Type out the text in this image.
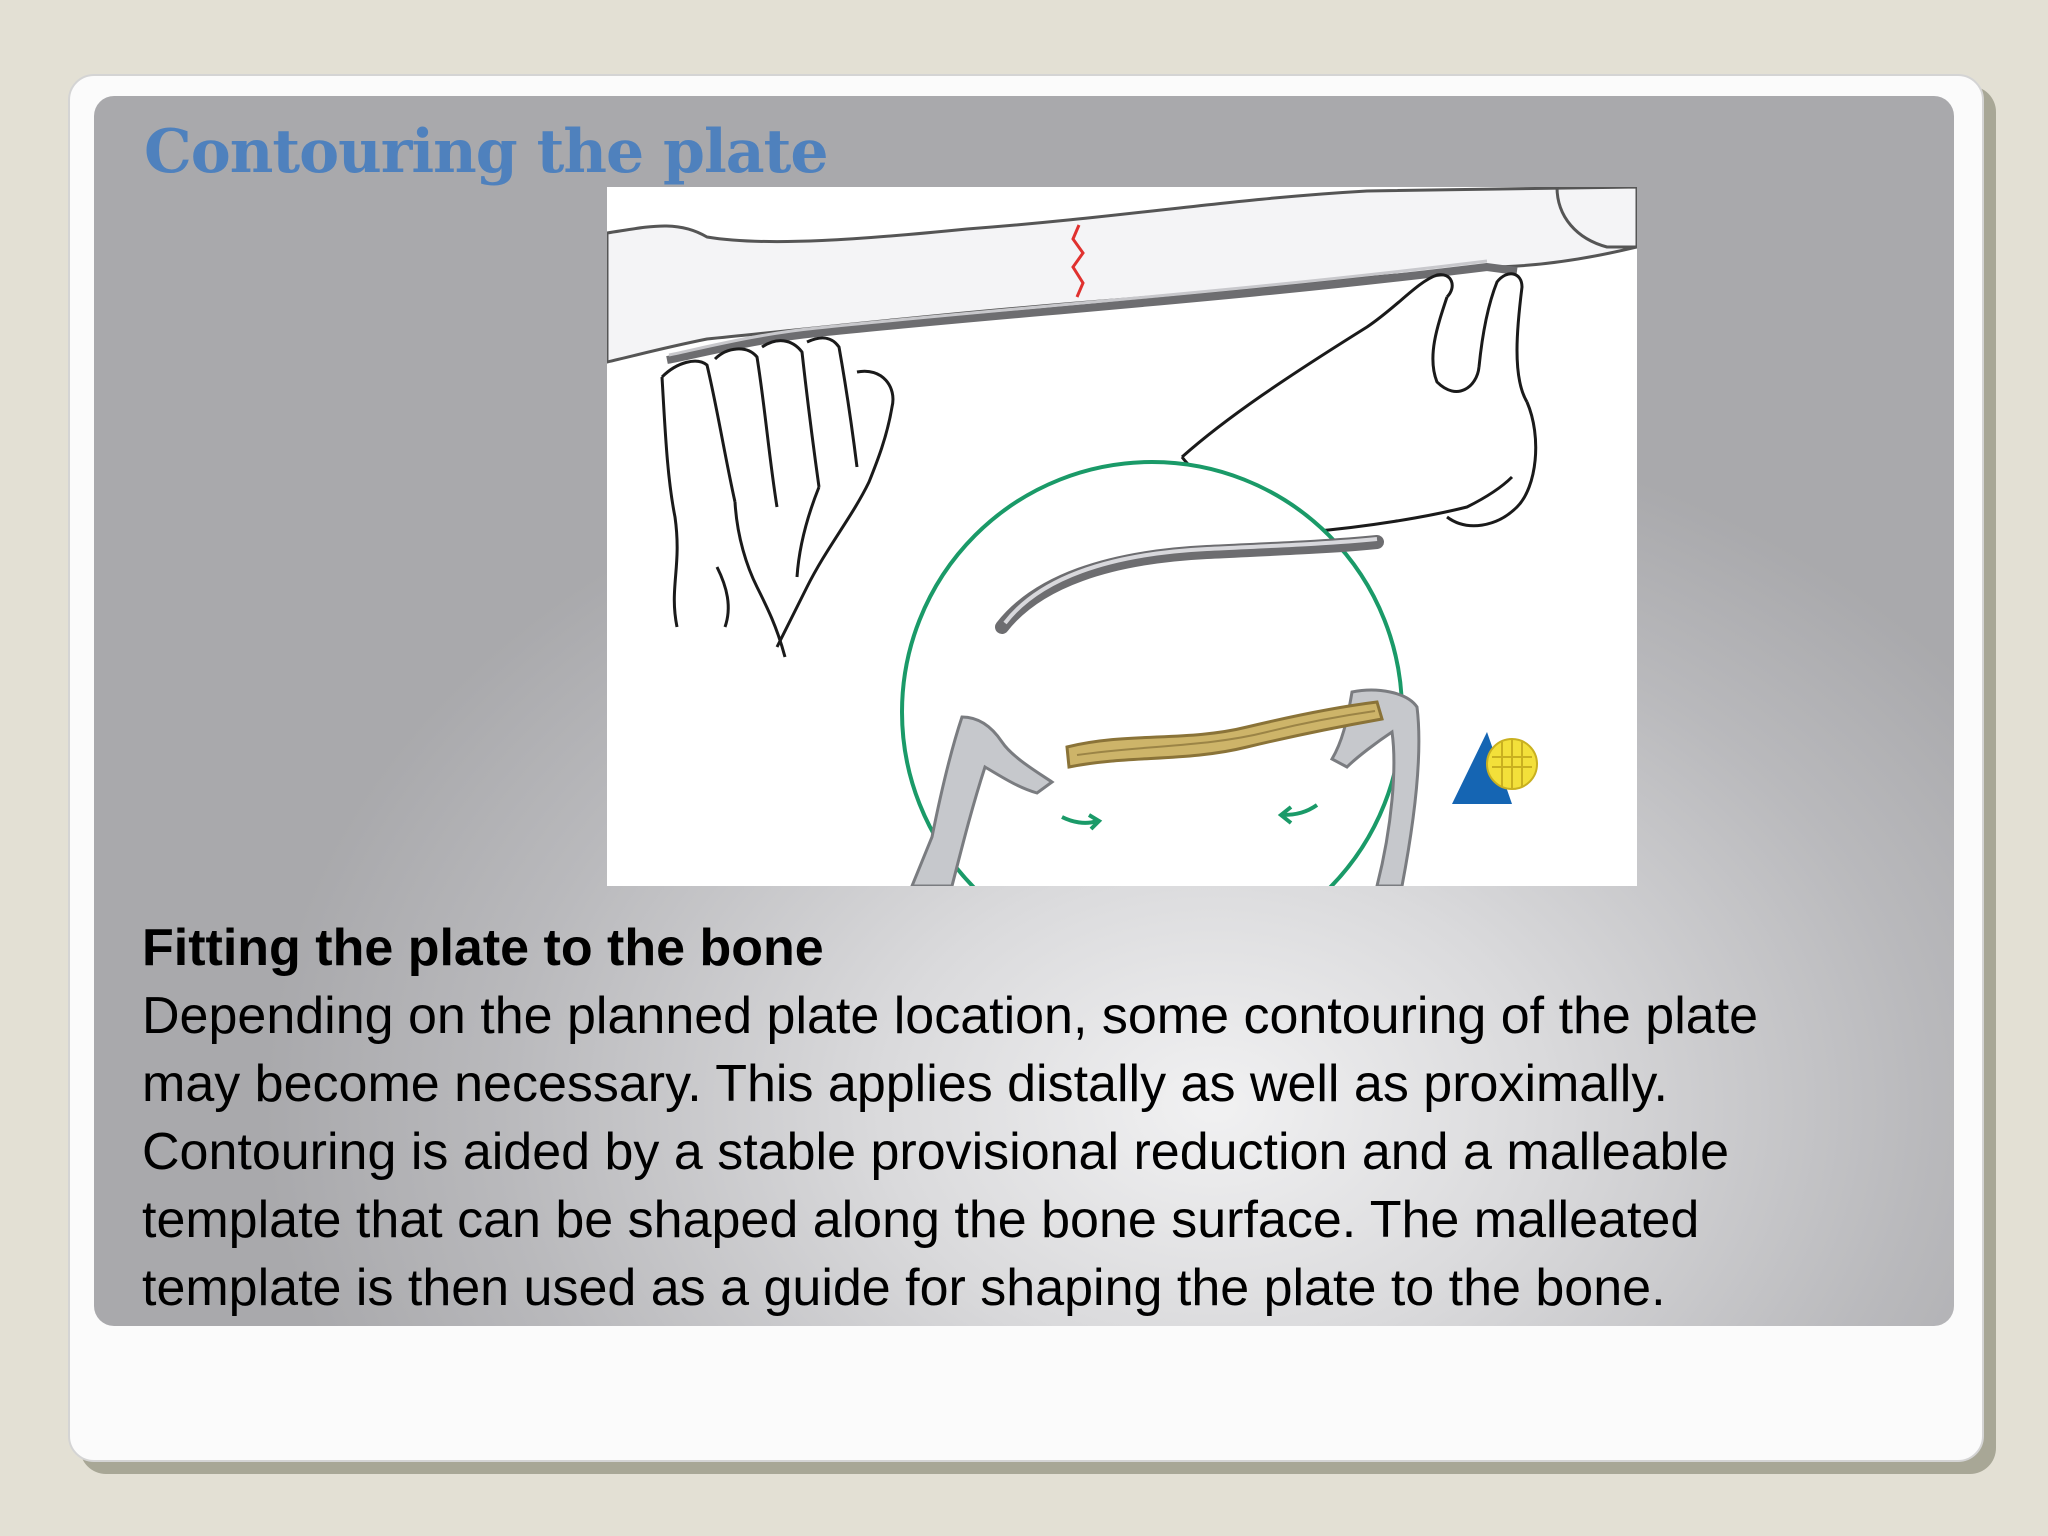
Contouring the plate
Fitting the plate to the bone
Depending on the planned plate location, some contouring of the plate
may become necessary. This applies distally as well as proximally.
Contouring is aided by a stable provisional reduction and a malleable
template that can be shaped along the bone surface. The malleated
template is then used as a guide for shaping the plate to the bone.
